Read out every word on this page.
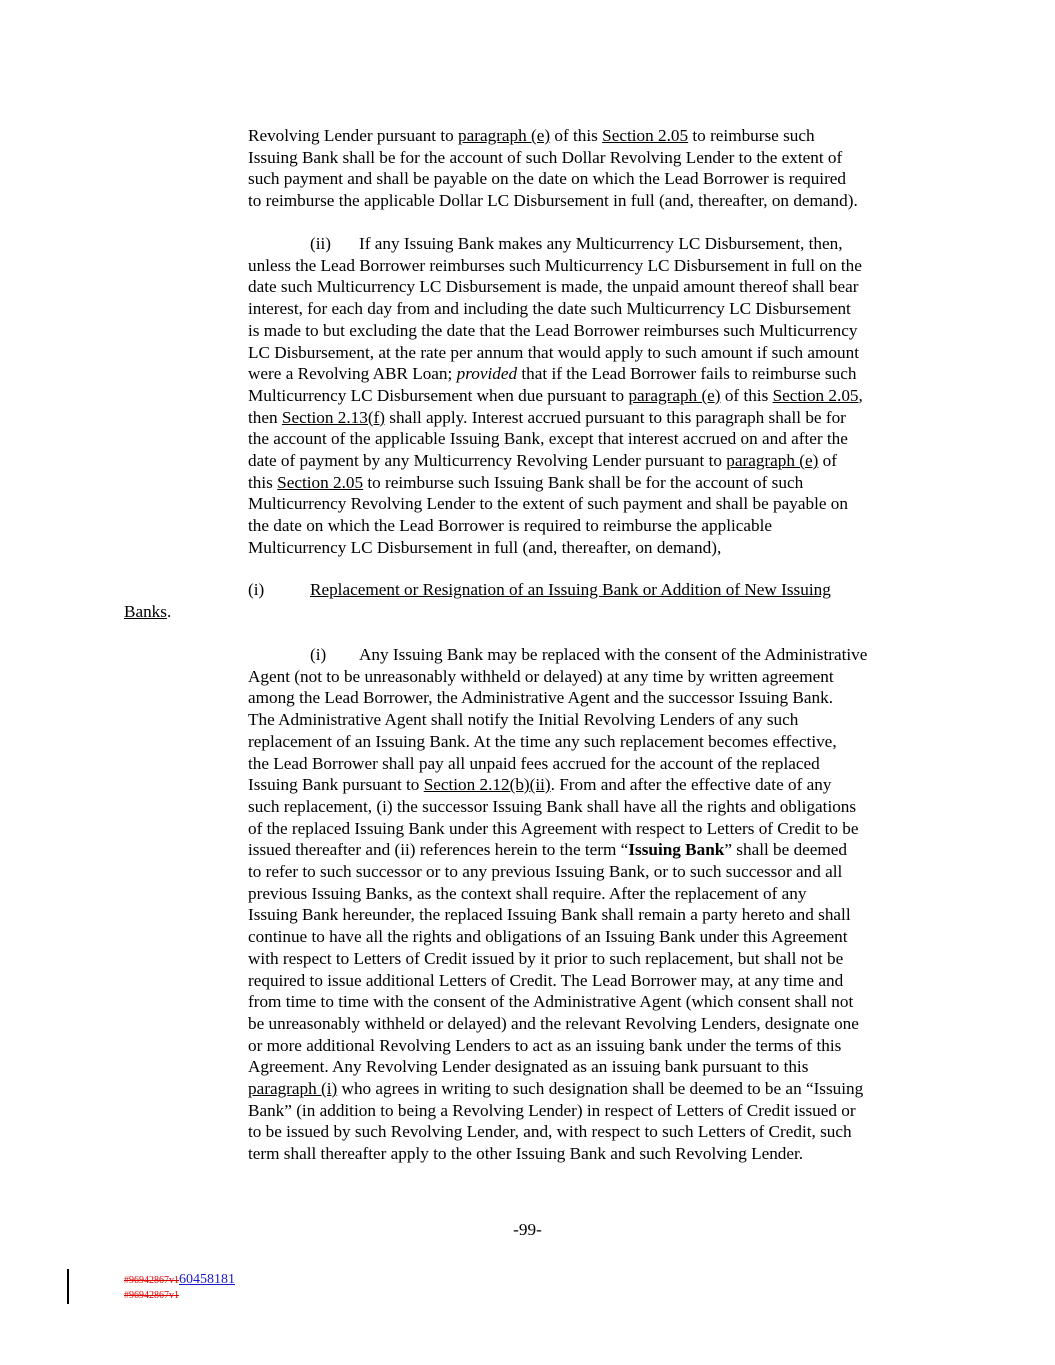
Revolving Lender pursuant to paragraph (e) of this Section 2.05 to reimburse such

Issuing Bank shall be for the account of such Dollar Revolving Lender to the extent of

such payment and shall be payable on the date on which the Lead Borrower is required

to reimburse the applicable Dollar LC Disbursement in full (and, thereafter, on demand).

(ii) If any Issuing Bank makes any Multicurrency LC Disbursement, then,

unless the Lead Borrower reimburses such Multicurrency LC Disbursement in full on the

date such Multicurrency LC Disbursement is made, the unpaid amount thereof shall bear

interest, for each day from and including the date such Multicurrency LC Disbursement

is made to but excluding the date that the Lead Borrower reimburses such Multicurrency

LC Disbursement, at the rate per annum that would apply to such amount if such amount

were a Revolving ABR Loan; provided that if the Lead Borrower fails to reimburse such

Multicurrency LC Disbursement when due pursuant to paragraph (e) of this Section 2.05,

then Section 2.13(f) shall apply. Interest accrued pursuant to this paragraph shall be for

the account of the applicable Issuing Bank, except that interest accrued on and after the

date of payment by any Multicurrency Revolving Lender pursuant to paragraph (e) of

this Section 2.05 to reimburse such Issuing Bank shall be for the account of such

Multicurrency Revolving Lender to the extent of such payment and shall be payable on

the date on which the Lead Borrower is required to reimburse the applicable

Multicurrency LC Disbursement in full (and, thereafter, on demand),

(i)	Replacement or Resignation of an Issuing Bank or Addition of New Issuing
Banks.

(i) Any Issuing Bank may be replaced with the consent of the Administrative

Agent (not to be unreasonably withheld or delayed) at any time by written agreement

among the Lead Borrower, the Administrative Agent and the successor Issuing Bank.

The Administrative Agent shall notify the Initial Revolving Lenders of any such

replacement of an Issuing Bank. At the time any such replacement becomes effective,

the Lead Borrower shall pay all unpaid fees accrued for the account of the replaced

Issuing Bank pursuant to Section 2.12(b)(ii). From and after the effective date of any

such replacement, (i) the successor Issuing Bank shall have all the rights and obligations

of the replaced Issuing Bank under this Agreement with respect to Letters of Credit to be

issued thereafter and (ii) references herein to the term “Issuing Bank” shall be deemed

to refer to such successor or to any previous Issuing Bank, or to such successor and all

previous Issuing Banks, as the context shall require. After the replacement of any

Issuing Bank hereunder, the replaced Issuing Bank shall remain a party hereto and shall

continue to have all the rights and obligations of an Issuing Bank under this Agreement

with respect to Letters of Credit issued by it prior to such replacement, but shall not be

required to issue additional Letters of Credit. The Lead Borrower may, at any time and

from time to time with the consent of the Administrative Agent (which consent shall not

be unreasonably withheld or delayed) and the relevant Revolving Lenders, designate one

or more additional Revolving Lenders to act as an issuing bank under the terms of this

Agreement. Any Revolving Lender designated as an issuing bank pursuant to this

paragraph (i) who agrees in writing to such designation shall be deemed to be an “Issuing

Bank” (in addition to being a Revolving Lender) in respect of Letters of Credit issued or

to be issued by such Revolving Lender, and, with respect to such Letters of Credit, such

term shall thereafter apply to the other Issuing Bank and such Revolving Lender.

-99-
#96942867v160458181
#96942867v1
